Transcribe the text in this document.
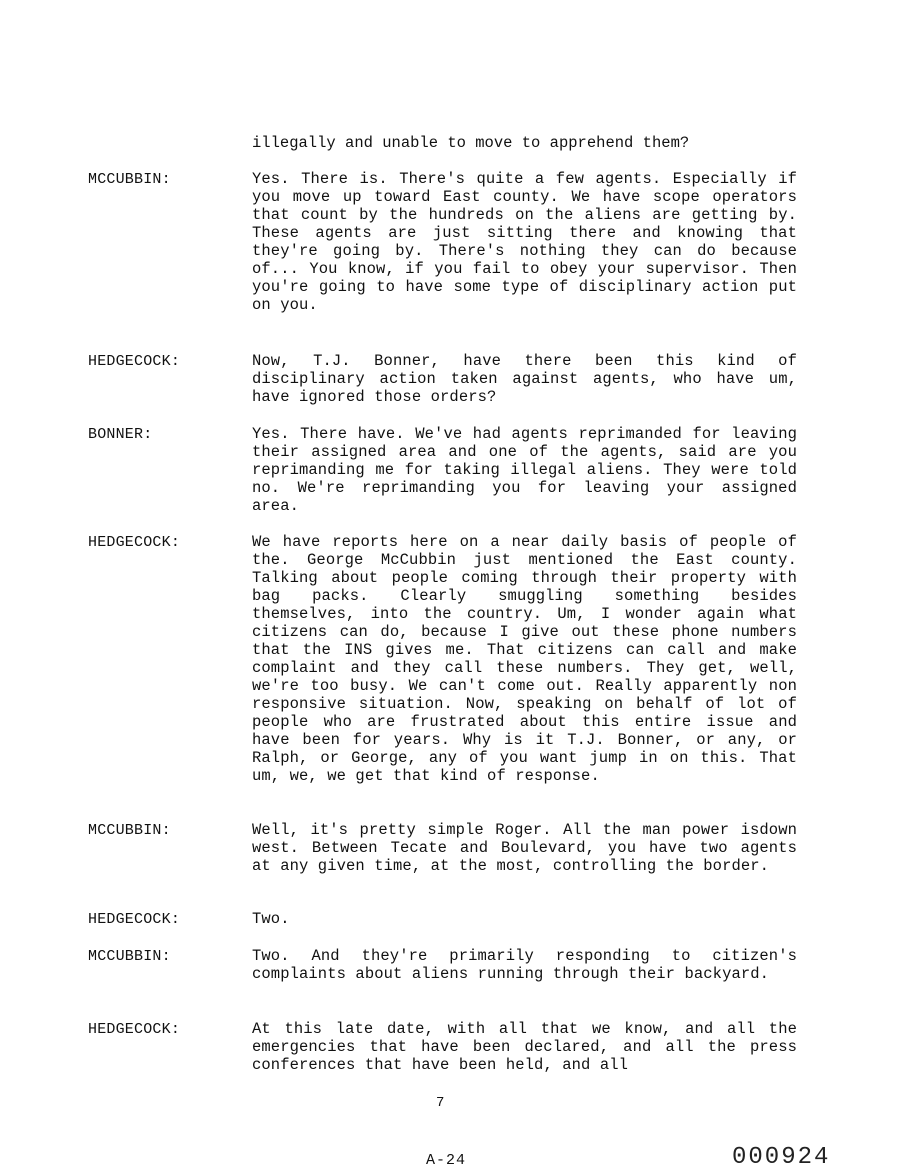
illegally and unable to move to apprehend them?
MCCUBBIN:	Yes. There is. There's quite a few agents. Especially if you move up toward East county. We have scope operators that count by the hundreds on the aliens are getting by. These agents are just sitting there and knowing that they're going by. There's nothing they can do because of... You know, if you fail to obey your supervisor. Then you're going to have some type of disciplinary action put on you.
HEDGECOCK:	Now, T.J. Bonner, have there been this kind of disciplinary action taken against agents, who have um, have ignored those orders?
BONNER:	Yes. There have. We've had agents reprimanded for leaving their assigned area and one of the agents, said are you reprimanding me for taking illegal aliens. They were told no. We're reprimanding you for leaving your assigned area.
HEDGECOCK:	We have reports here on a near daily basis of people of the. George McCubbin just mentioned the East county. Talking about people coming through their property with bag packs. Clearly smuggling something besides themselves, into the country. Um, I wonder again what citizens can do, because I give out these phone numbers that the INS gives me. That citizens can call and make complaint and they call these numbers. They get, well, we're too busy. We can't come out. Really apparently non responsive situation. Now, speaking on behalf of lot of people who are frustrated about this entire issue and have been for years. Why is it T.J. Bonner, or any, or Ralph, or George, any of you want jump in on this. That um, we, we get that kind of response.
MCCUBBIN:	Well, it's pretty simple Roger. All the man power isdown west. Between Tecate and Boulevard, you have two agents at any given time, at the most, controlling the border.
HEDGECOCK:	Two.
MCCUBBIN:	Two. And they're primarily responding to citizen's complaints about aliens running through their backyard.
HEDGECOCK:	At this late date, with all that we know, and all the emergencies that have been declared, and all the press conferences that have been held, and all
7
A-24	000924
